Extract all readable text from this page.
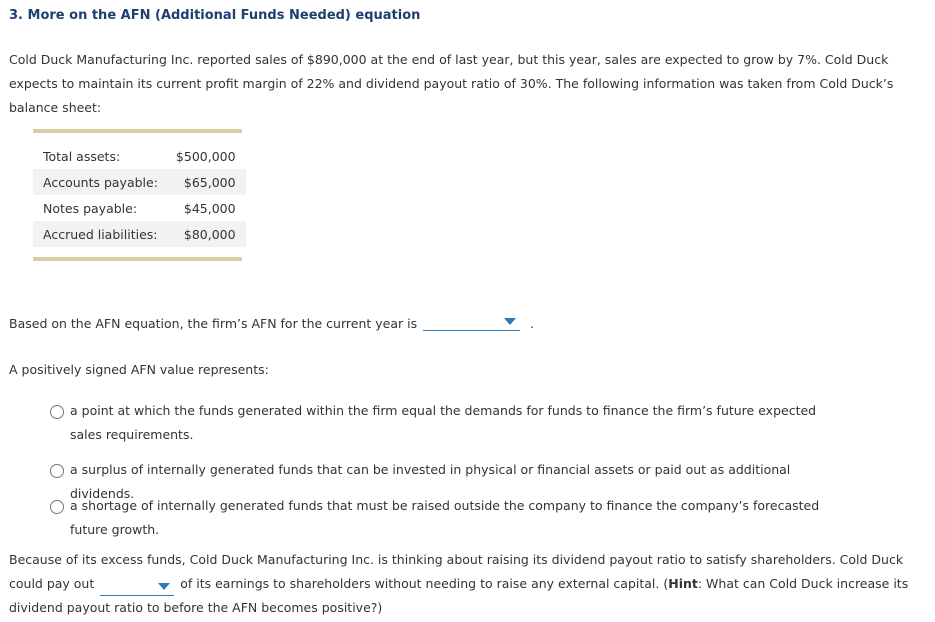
3. More on the AFN (Additional Funds Needed) equation
Cold Duck Manufacturing Inc. reported sales of $890,000 at the end of last year, but this year, sales are expected to grow by 7%. Cold Duck expects to maintain its current profit margin of 22% and dividend payout ratio of 30%. The following information was taken from Cold Duck’s balance sheet:
Total assets:	$500,000
Accounts payable:	$65,000
Notes payable:	$45,000
Accrued liabilities:	$80,000
Based on the AFN equation, the firm’s AFN for the current year is	.
A positively signed AFN value represents:
a point at which the funds generated within the firm equal the demands for funds to finance the firm’s future expected sales requirements.
a surplus of internally generated funds that can be invested in physical or financial assets or paid out as additional dividends.
a shortage of internally generated funds that must be raised outside the company to finance the company’s forecasted future growth.
Because of its excess funds, Cold Duck Manufacturing Inc. is thinking about raising its dividend payout ratio to satisfy shareholders. Cold Duck could pay out	of its earnings to shareholders without needing to raise any external capital. (Hint: What can Cold Duck increase its dividend payout ratio to before the AFN becomes positive?)
